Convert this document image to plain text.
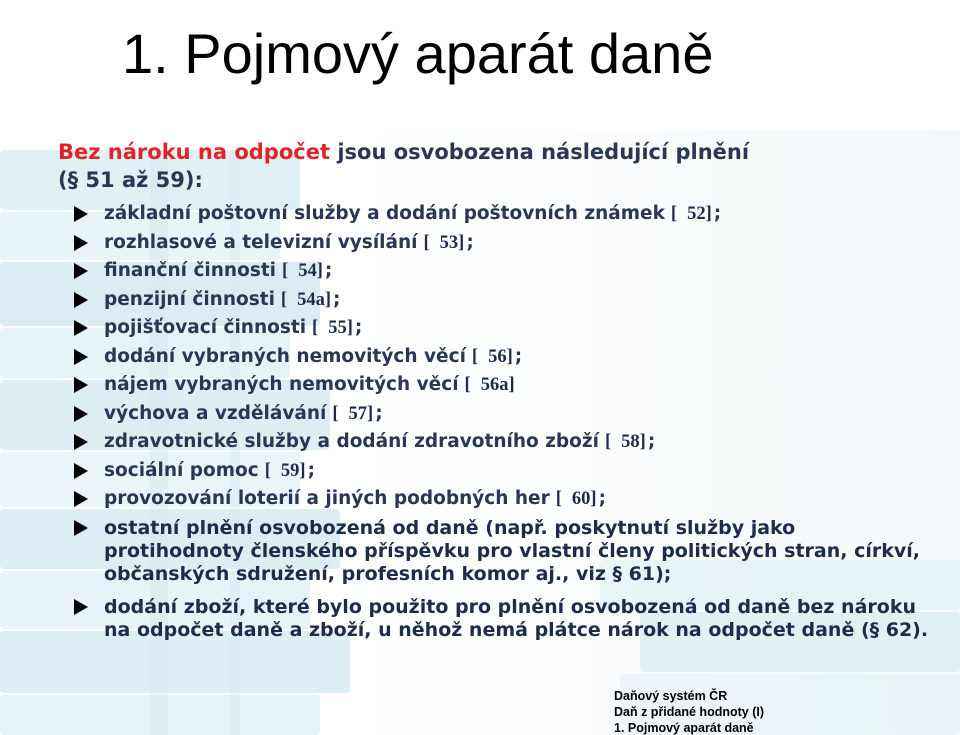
1. Pojmový aparát daně
Bez nároku na odpočet jsou osvobozena následující plnění
(§ 51 až 59):
základní poštovní služby a dodání poštovních známek [ 52] ;
rozhlasové a televizní vysílání [ 53] ;
finanční činnosti [ 54] ;
penzijní činnosti [ 54a] ;
pojišťovací činnosti [ 55] ;
dodání vybraných nemovitých věcí [ 56] ;
nájem vybraných nemovitých věcí [ 56a]
výchova a vzdělávání [ 57] ;
zdravotnické služby a dodání zdravotního zboží [ 58] ;
sociální pomoc [ 59] ;
provozování loterií a jiných podobných her [ 60] ;
ostatní plnění osvobozená od daně (např. poskytnutí služby jako protihodnoty členského příspěvku pro vlastní členy politických stran, církví, občanských sdružení, profesních komor aj., viz § 61);
dodání zboží, které bylo použito pro plnění osvobozená od daně bez nároku na odpočet daně a zboží, u něhož nemá plátce nárok na odpočet daně (§ 62).
Daňový systém ČR
Daň z přidané hodnoty (I)
1. Pojmový aparát daně
